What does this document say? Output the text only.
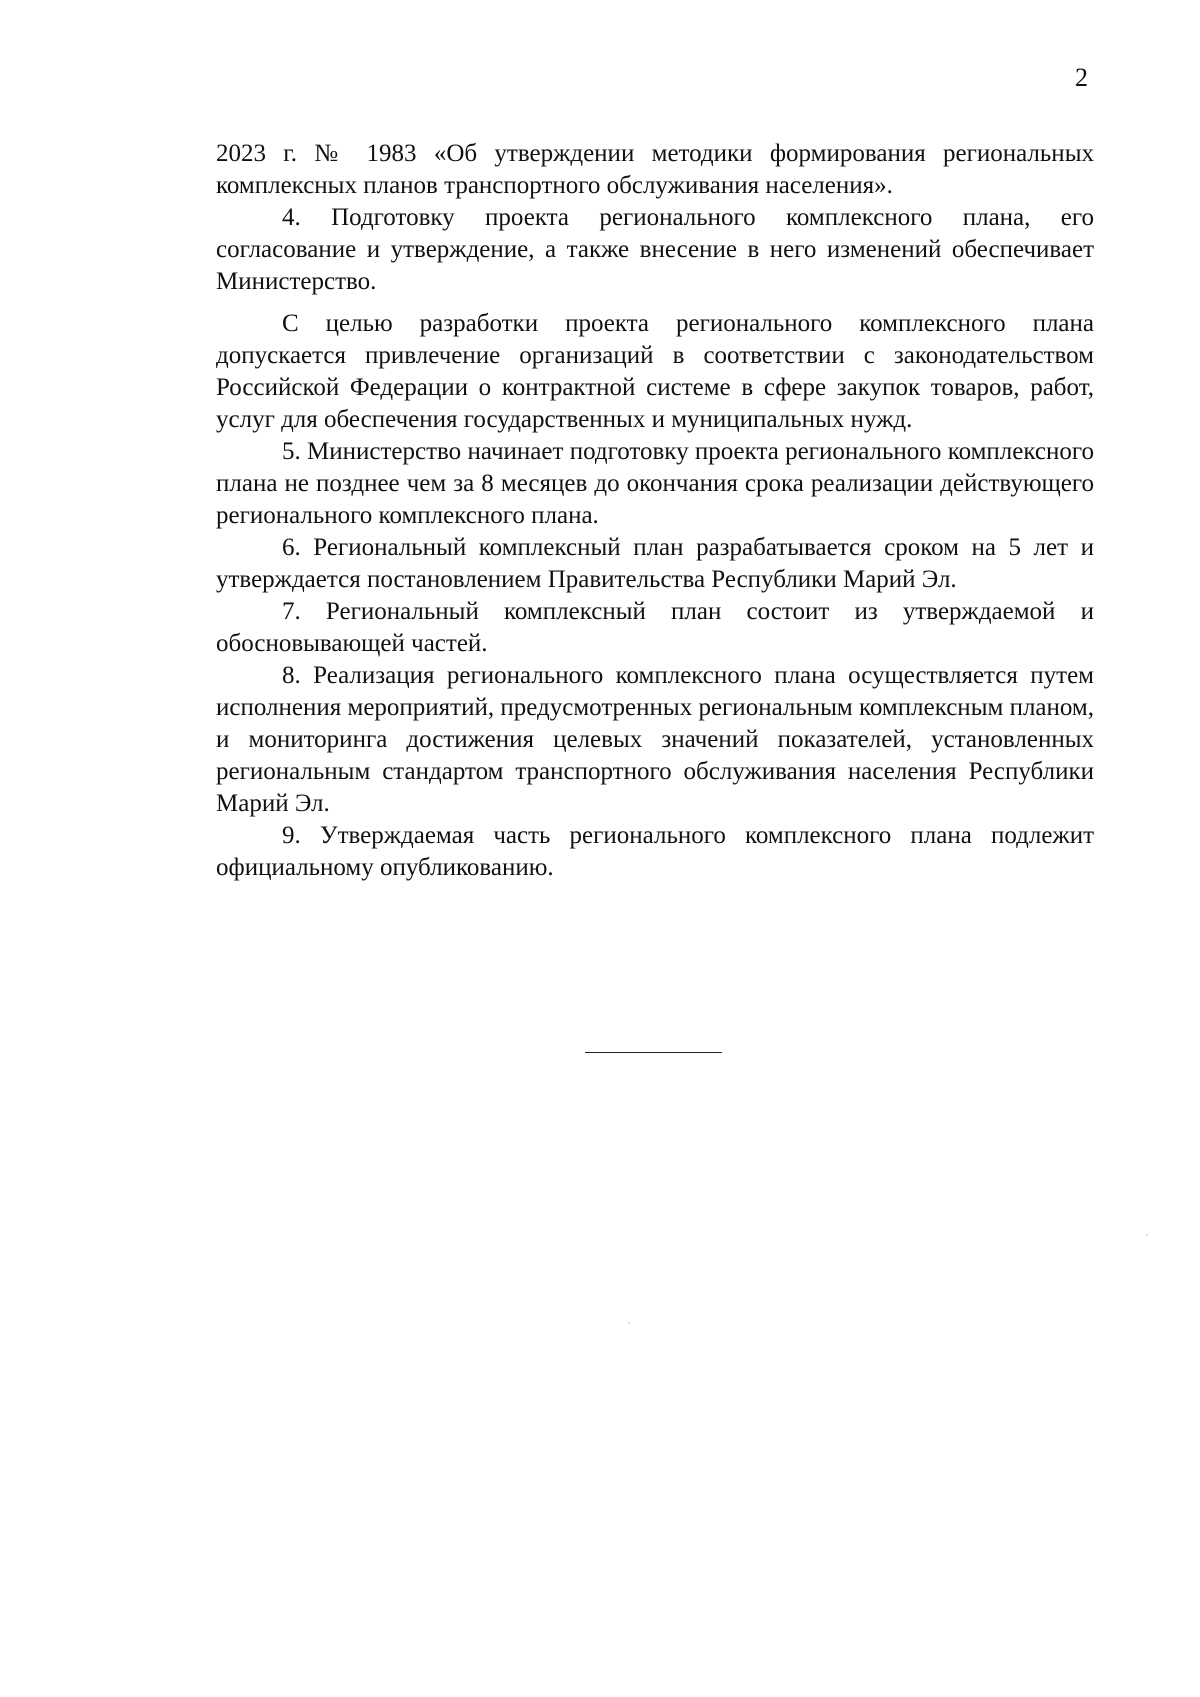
2

2023 г. № 1983 «Об утверждении методики формирования региональных комплексных планов транспортного обслуживания населения».

4. Подготовку проекта регионального комплексного плана, его согласование и утверждение, а также внесение в него изменений обеспечивает Министерство.

С целью разработки проекта регионального комплексного плана допускается привлечение организаций в соответствии с законодательством Российской Федерации о контрактной системе в сфере закупок товаров, работ, услуг для обеспечения государственных и муниципальных нужд.

5. Министерство начинает подготовку проекта регионального комплексного плана не позднее чем за 8 месяцев до окончания срока реализации действующего регионального комплексного плана.

6. Региональный комплексный план разрабатывается сроком на 5 лет и утверждается постановлением Правительства Республики Марий Эл.

7. Региональный комплексный план состоит из утверждаемой и обосновывающей частей.

8. Реализация регионального комплексного плана осуществляется путем исполнения мероприятий, предусмотренных региональным комплексным планом, и мониторинга достижения целевых значений показателей, установленных региональным стандартом транспортного обслуживания населения Республики Марий Эл.

9. Утверждаемая часть регионального комплексного плана подлежит официальному опубликованию.
